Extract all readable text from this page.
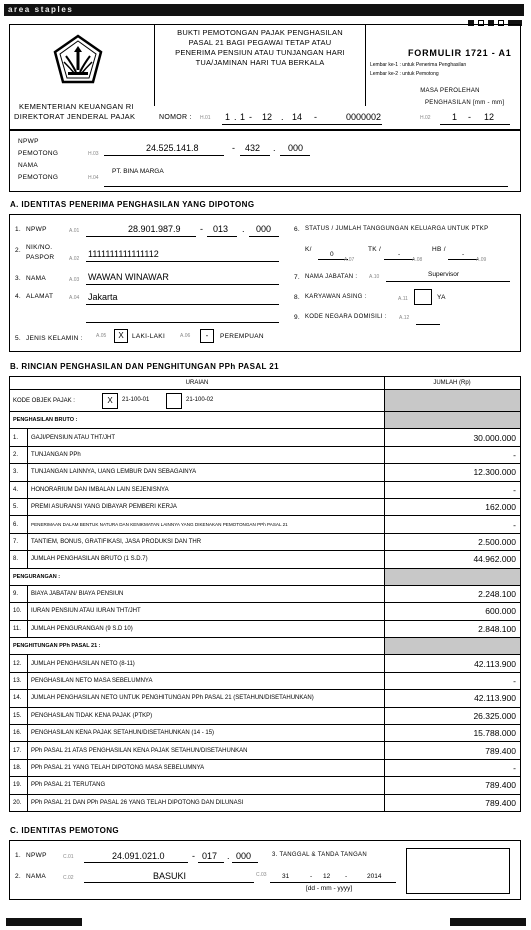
area staples
KEMENTERIAN KEUANGAN RI
DIREKTORAT JENDERAL PAJAK
BUKTI PEMOTONGAN PAJAK PENGHASILAN
PASAL 21 BAGI PEGAWAI TETAP ATAU
PENERIMA PENSIUN ATAU TUNJANGAN HARI
TUA/JAMINAN HARI TUA BERKALA
FORMULIR 1721 - A1
Lembar ke-1 : untuk Penerima Penghasilan
Lembar ke-2 : untuk Pemotong
MASA PEROLEHAN
PENGHASILAN [mm - mm]
NOMOR : H.01 1 . 1 - 12 . 14 -	0000002	H.02 1 - 12
NPWP
PEMOTONG	H.03
24.525.141.8	- 432 . 000
NAMA
PEMOTONG	H.04
PT. BINA MARGA
A. IDENTITAS PENERIMA PENGHASILAN YANG DIPOTONG
1. NPWP	A.01	28.901.987.9 - 013 . 000
2. NIK/NO.
PASPOR	A.02 1111111111111112
3. NAMA	A.03 WAWAN WINAWAR
4. ALAMAT	A.04 Jakarta
5. JENIS KELAMIN :	A.05	X	LAKI-LAKI	A.06	-	PEREMPUAN
6. STATUS / JUMLAH TANGGUNGAN KELUARGA UNTUK PTKP
K/
0
A.07
TK /
-
A.08
HB /
-
A.09
7. NAMA JABATAN : A.10	Supervisor
8. KARYAWAN ASING :	A.11	YA
9. KODE NEGARA DOMISILI : A.12
B. RINCIAN PENGHASILAN DAN PENGHITUNGAN PPh PASAL 21
URAIAN		JUMLAH (Rp)
KODE OBJEK PAJAK : X 21-100-01 21-100-02		

PENGHASILAN BRUTO :		
1.	GAJI/PENSIUN ATAU THT/JHT	30.000.000
2.	TUNJANGAN PPh	-
3.	TUNJANGAN LAINNYA, UANG LEMBUR DAN SEBAGAINYA	12.300.000
4.	HONORARIUM DAN IMBALAN LAIN SEJENISNYA	-
5.	PREMI ASURANSI YANG DIBAYAR PEMBERI KERJA	162.000
6.	PENERIMAAN DALAM BENTUK NATURA DAN KENIKMATAN LAINNYA YANG DIKENAKAN PEMOTONGAN PPh PASAL 21	-
7.	TANTIEM, BONUS, GRATIFIKASI, JASA PRODUKSI DAN THR	2.500.000
8.	JUMLAH PENGHASILAN BRUTO (1 S.D.7)	44.962.000
PENGURANGAN :		
9.	BIAYA JABATAN/ BIAYA PENSIUN	2.248.100
10.	IURAN PENSIUN ATAU IURAN THT/JHT	600.000
11.	JUMLAH PENGURANGAN (9 S.D 10)	2.848.100
PENGHITUNGAN PPh PASAL 21 :		
12.	JUMLAH PENGHASILAN NETO (8-11)	42.113.900
13.	PENGHASILAN NETO MASA SEBELUMNYA	-
14.	JUMLAH PENGHASILAN NETO UNTUK PENGHITUNGAN PPh PASAL 21 (SETAHUN/DISETAHUNKAN)	42.113.900
15.	PENGHASILAN TIDAK KENA PAJAK (PTKP)	26.325.000
16.	PENGHASILAN KENA PAJAK SETAHUN/DISETAHUNKAN (14 - 15)	15.788.000
17.	PPh PASAL 21 ATAS PENGHASILAN KENA PAJAK SETAHUN/DISETAHUNKAN	789.400
18.	PPh PASAL 21 YANG TELAH DIPOTONG MASA SEBELUMNYA	-
19.	PPh PASAL 21 TERUTANG	789.400
20.	PPh PASAL 21 DAN PPh PASAL 26 YANG TELAH DIPOTONG DAN DILUNASI	789.400
C. IDENTITAS PEMOTONG
1. NPWP	C.01	24.091.021.0	- 017 . 000	3. TANGGAL & TANDA TANGAN
2. NAMA	C.02	BASUKI	C.03 31	- 12 -	2014
[dd - mm - yyyy]
